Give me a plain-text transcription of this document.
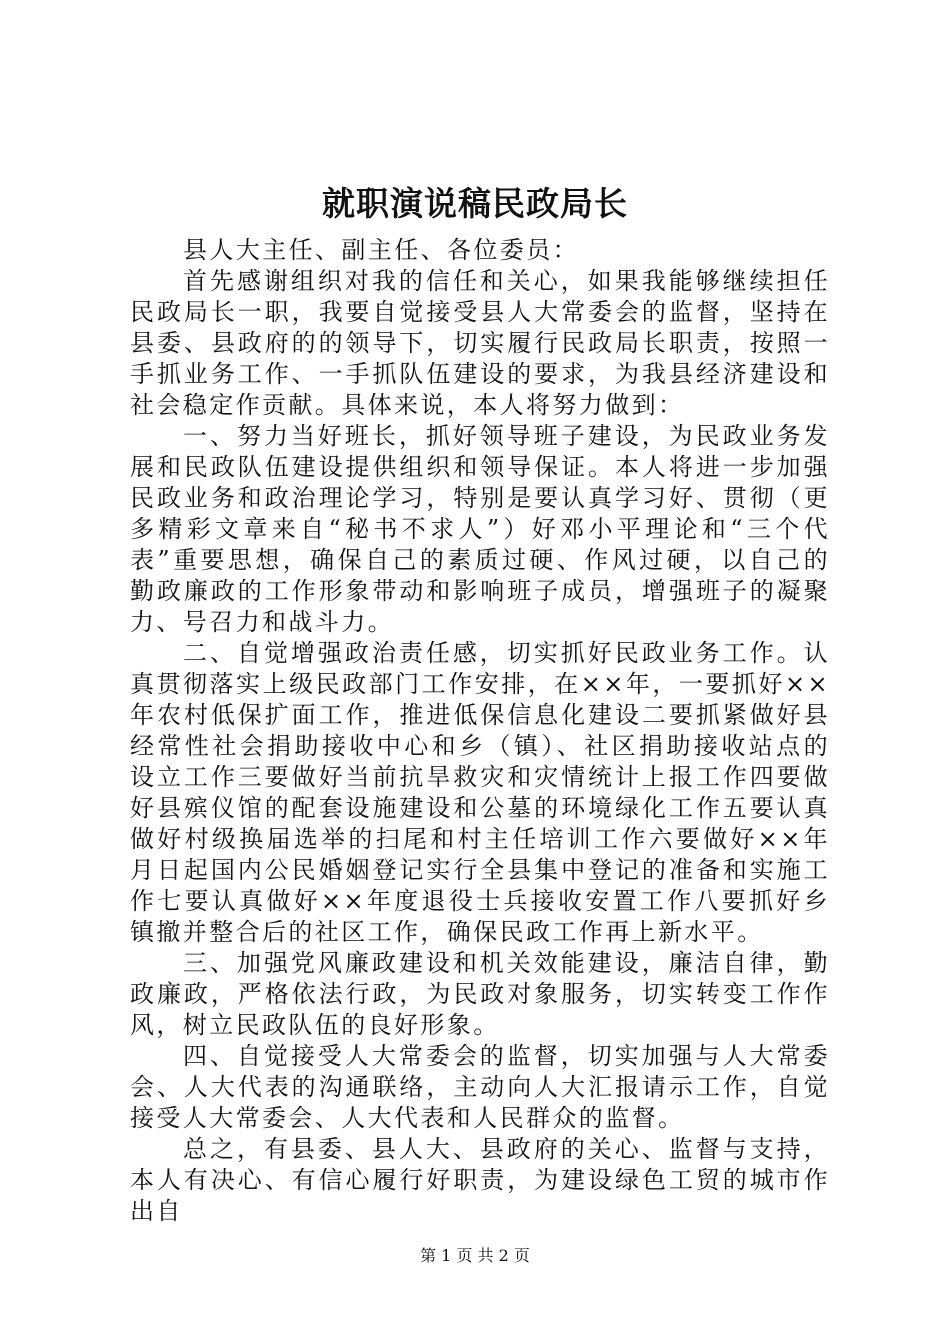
就职演说稿民政局长

县人大主任、副主任、各位委员：

首先感谢组织对我的信任和关心，如果我能够继续担任民政局长一职，我要自觉接受县人大常委会的监督，坚持在县委、县政府的的领导下，切实履行民政局长职责，按照一手抓业务工作、一手抓队伍建设的要求，为我县经济建设和社会稳定作贡献。具体来说，本人将努力做到：

一、努力当好班长，抓好领导班子建设，为民政业务发展和民政队伍建设提供组织和领导保证。本人将进一步加强民政业务和政治理论学习，特别是要认真学习好、贯彻（更多精彩文章来自“秘书不求人”）好邓小平理论和“三个代表”重要思想，确保自己的素质过硬、作风过硬，以自己的勤政廉政的工作形象带动和影响班子成员，增强班子的凝聚力、号召力和战斗力。

二、自觉增强政治责任感，切实抓好民政业务工作。认真贯彻落实上级民政部门工作安排，在××年，一要抓好××年农村低保扩面工作，推进低保信息化建设二要抓紧做好县经常性社会捐助接收中心和乡（镇）、社区捐助接收站点的设立工作三要做好当前抗旱救灾和灾情统计上报工作四要做好县殡仪馆的配套设施建设和公墓的环境绿化工作五要认真做好村级换届选举的扫尾和村主任培训工作六要做好××年月日起国内公民婚姻登记实行全县集中登记的准备和实施工作七要认真做好××年度退役士兵接收安置工作八要抓好乡镇撤并整合后的社区工作，确保民政工作再上新水平。

三、加强党风廉政建设和机关效能建设，廉洁自律，勤政廉政，严格依法行政，为民政对象服务，切实转变工作作风，树立民政队伍的良好形象。

四、自觉接受人大常委会的监督，切实加强与人大常委会、人大代表的沟通联络，主动向人大汇报请示工作，自觉接受人大常委会、人大代表和人民群众的监督。

总之，有县委、县人大、县政府的关心、监督与支持，本人有决心、有信心履行好职责，为建设绿色工贸的城市作出自

第 1 页 共 2 页
